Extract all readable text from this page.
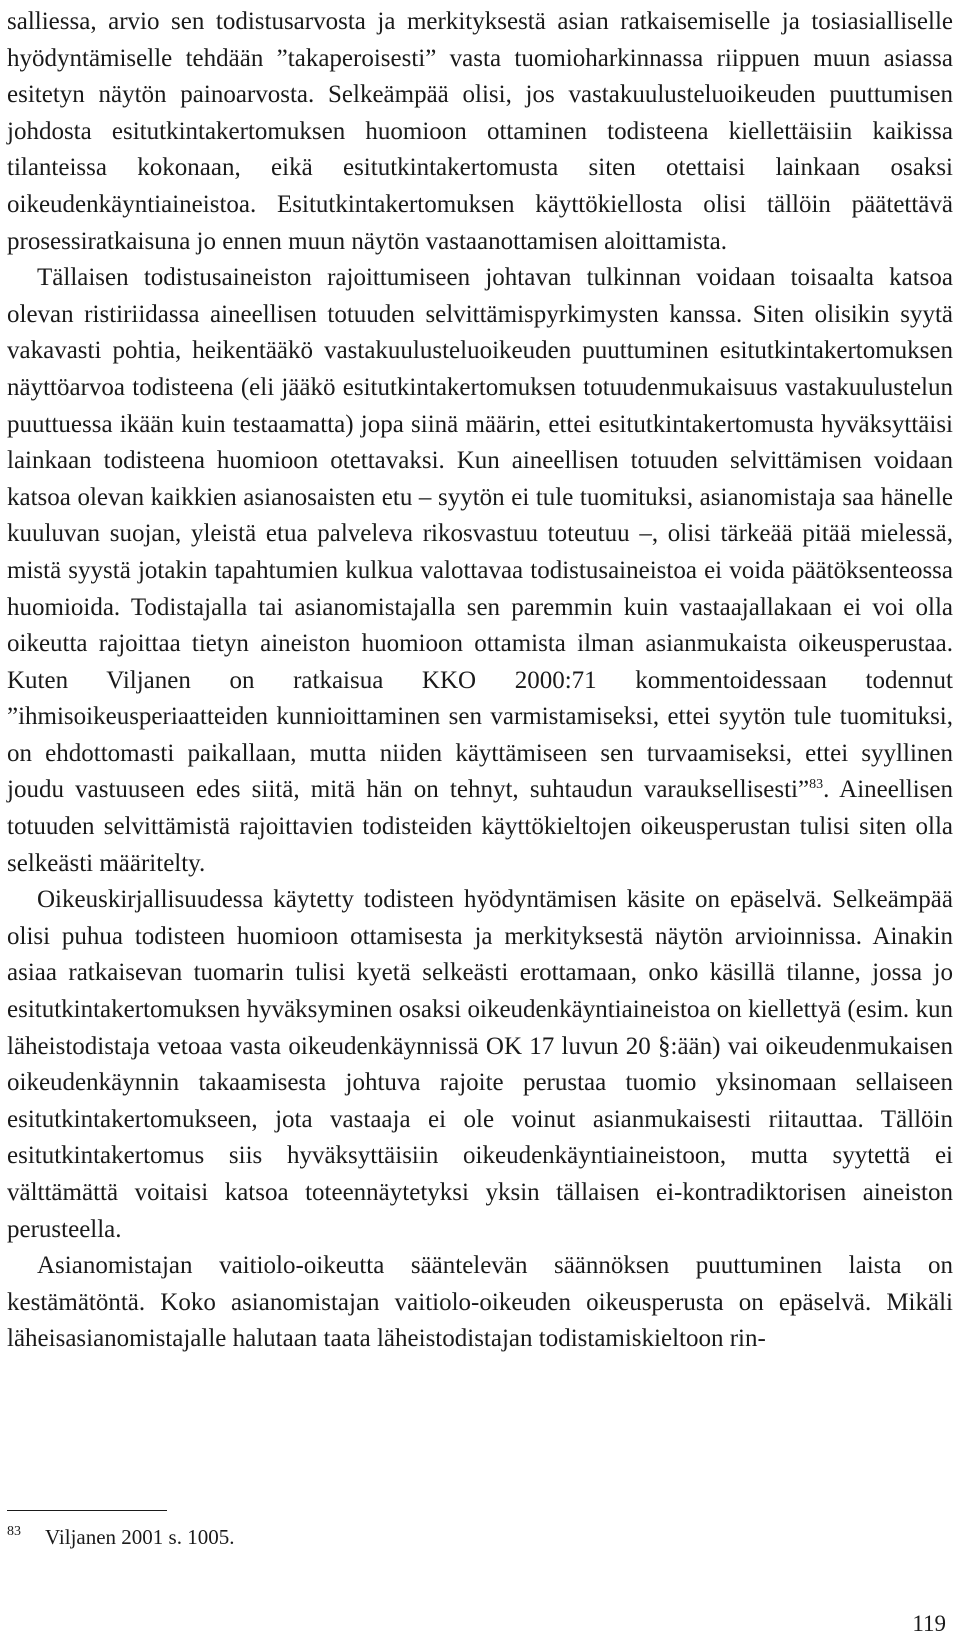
salliessa, arvio sen todistusarvosta ja merkityksestä asian ratkaisemiselle ja tosiasialliselle hyödyntämiselle tehdään ”takaperoisesti” vasta tuomioharkinnassa riippuen muun asiassa esitetyn näytön painoarvosta. Selkeämpää olisi, jos vastakuulusteluoikeuden puuttumisen johdosta esitutkintakertomuksen huomioon ottaminen todisteena kiellettäisiin kaikissa tilanteissa kokonaan, eikä esitutkintakertomusta siten otettaisi lainkaan osaksi oikeudenkäyntiaineistoa. Esitutkintakertomuksen käyttökiellosta olisi tällöin päätettävä prosessiratkaisuna jo ennen muun näytön vastaanottamisen aloittamista.

Tällaisen todistusaineiston rajoittumiseen johtavan tulkinnan voidaan toisaalta katsoa olevan ristiriidassa aineellisen totuuden selvittämispyrkimysten kanssa. Siten olisikin syytä vakavasti pohtia, heikentääkö vastakuulusteluoikeuden puuttuminen esitutkintakertomuksen näyttöarvoa todisteena (eli jääkö esitutkintakertomuksen totuudenmukaisuus vastakuulustelun puuttuessa ikään kuin testaamatta) jopa siinä määrin, ettei esitutkintakertomusta hyväksyttäisi lainkaan todisteena huomioon otettavaksi. Kun aineellisen totuuden selvittämisen voidaan katsoa olevan kaikkien asianosaisten etu – syytön ei tule tuomituksi, asianomistaja saa hänelle kuuluvan suojan, yleistä etua palveleva rikosvastuu toteutuu –, olisi tärkeää pitää mielessä, mistä syystä jotakin tapahtumien kulkua valottavaa todistusaineistoa ei voida päätöksenteossa huomioida. Todistajalla tai asianomistajalla sen paremmin kuin vastaajallakaan ei voi olla oikeutta rajoittaa tietyn aineiston huomioon ottamista ilman asianmukaista oikeusperustaa. Kuten Viljanen on ratkaisua KKO 2000:71 kommentoidessaan todennut ”ihmisoikeusperiaatteiden kunnioittaminen sen varmistamiseksi, ettei syytön tule tuomituksi, on ehdottomasti paikallaan, mutta niiden käyttämiseen sen turvaamiseksi, ettei syyllinen joudu vastuuseen edes siitä, mitä hän on tehnyt, suhtaudun varauksellisesti”$^{83}$. Aineellisen totuuden selvittämistä rajoittavien todisteiden käyttökieltojen oikeusperustan tulisi siten olla selkeästi määritelty.

Oikeuskirjallisuudessa käytetty todisteen hyödyntämisen käsite on epäselvä. Selkeämpää olisi puhua todisteen huomioon ottamisesta ja merkityksestä näytön arvioinnissa. Ainakin asiaa ratkaisevan tuomarin tulisi kyetä selkeästi erottamaan, onko käsillä tilanne, jossa jo esitutkintakertomuksen hyväksyminen osaksi oikeudenkäyntiaineistoa on kiellettyä (esim. kun läheistodistaja vetoaa vasta oikeudenkäynnissä OK 17 luvun 20 §:ään) vai oikeudenmukaisen oikeudenkäynnin takaamisesta johtuva rajoite perustaa tuomio yksinomaan sellaiseen esitutkintakertomukseen, jota vastaaja ei ole voinut asianmukaisesti riitauttaa. Tällöin esitutkintakertomus siis hyväksyttäisiin oikeudenkäyntiaineistoon, mutta syytettä ei välttämättä voitaisi katsoa toteennäytetyksi yksin tällaisen ei-kontradiktorisen aineiston perusteella.

Asianomistajan vaitiolo-oikeutta sääntelevän säännöksen puuttuminen laista on kestämätöntä. Koko asianomistajan vaitiolo-oikeuden oikeusperusta on epäselvä. Mikäli läheisasianomistajalle halutaan taata läheistodistajan todistamiskieltoon rin-

83 Viljanen 2001 s. 1005.
119
